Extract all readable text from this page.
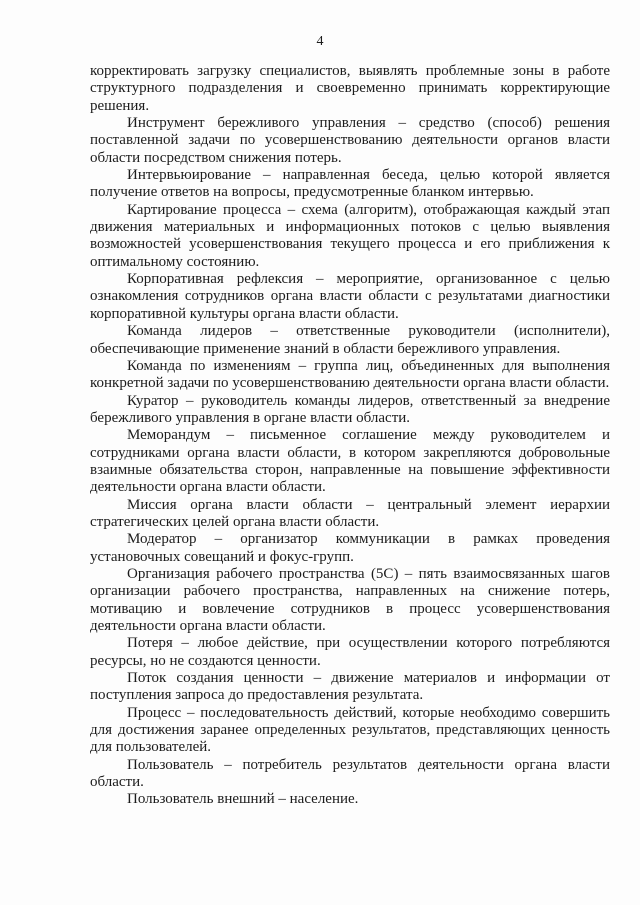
4

корректировать загрузку специалистов, выявлять проблемные зоны в работе структурного подразделения и своевременно принимать корректирующие решения.

Инструмент бережливого управления – средство (способ) решения поставленной задачи по усовершенствованию деятельности органов власти области посредством снижения потерь.

Интервьюирование – направленная беседа, целью которой является получение ответов на вопросы, предусмотренные бланком интервью.

Картирование процесса – схема (алгоритм), отображающая каждый этап движения материальных и информационных потоков с целью выявления возможностей усовершенствования текущего процесса и его приближения к оптимальному состоянию.

Корпоративная рефлексия – мероприятие, организованное с целью ознакомления сотрудников органа власти области с результатами диагностики корпоративной культуры органа власти области.

Команда лидеров – ответственные руководители (исполнители), обеспечивающие применение знаний в области бережливого управления.

Команда по изменениям – группа лиц, объединенных для выполнения конкретной задачи по усовершенствованию деятельности органа власти области.

Куратор – руководитель команды лидеров, ответственный за внедрение бережливого управления в органе власти области.

Меморандум – письменное соглашение между руководителем и сотрудниками органа власти области, в котором закрепляются добровольные взаимные обязательства сторон, направленные на повышение эффективности деятельности органа власти области.

Миссия органа власти области – центральный элемент иерархии стратегических целей органа власти области.

Модератор – организатор коммуникации в рамках проведения установочных совещаний и фокус-групп.

Организация рабочего пространства (5С) – пять взаимосвязанных шагов организации рабочего пространства, направленных на снижение потерь, мотивацию и вовлечение сотрудников в процесс усовершенствования деятельности органа власти области.

Потеря – любое действие, при осуществлении которого потребляются ресурсы, но не создаются ценности.

Поток создания ценности – движение материалов и информации от поступления запроса до предоставления результата.

Процесс – последовательность действий, которые необходимо совершить для достижения заранее определенных результатов, представляющих ценность для пользователей.

Пользователь – потребитель результатов деятельности органа власти области.

Пользователь внешний – население.
